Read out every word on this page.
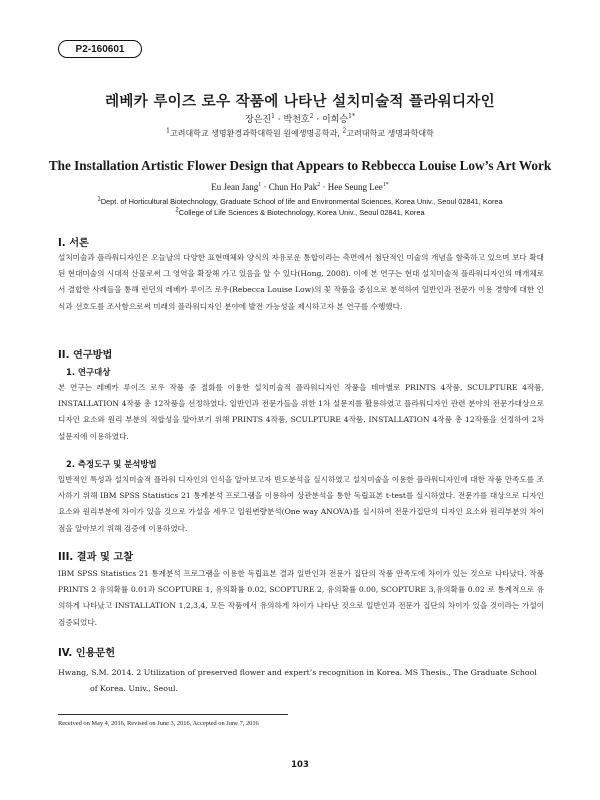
P2-160601
레베카 루이즈 로우 작품에 나타난 설치미술적 플라워디자인
장은진$^1$ · 박천호$^2$ · 이희승$^{1*}$
$^1$고려대학교 생명환경과학대학원 원예생명공학과, $^2$고려대학교 생명과학대학
The Installation Artistic Flower Design that Appears to Rebbecca Louise Low’s Art Work
Eu Jean Jang$^1$ · Chun Ho Pak$^2$ · Hee Seung Lee$^{1*}$
$^1$Dept. of Horticultural Biotechnology, Graduate School of life and Environmental Sciences, Korea Univ., Seoul 02841, Korea
$^2$College of Life Sciences & Biotechnology, Korea Univ., Seoul 02841, Korea
I. 서론

설치미술과 플라워디자인은 오늘날의 다양한 표현매체와 양식의 자유로운 통합이라는 측면에서 첨단적인 미술의 개념을 함축하고 있으며 보다 확대된 현대미술의 시대적 산물로써 그 영역을 확장해 가고 있음을 알 수 있다(Hong, 2008). 이에 본 연구는 현대 설치미술적 플라워디자인의 매개체로서 결합한 사례들을 통해 런던의 레베카 루이즈 로우(Rebecca Louise Low)의 꽃 작품을 중심으로 분석하여 일반인과 전문가 이용 경향에 대한 인식과 선호도를 조사함으로써 미래의 플라워디자인 분야에 발전 가능성을 제시하고자 본 연구를 수행했다.

II. 연구방법
1. 연구대상

본 연구는 레베카 루이즈 로우 작품 중 절화를 이용한 설치미술적 플라워디자인 작품을 테마별로 PRINTS 4작품, SCULPTURE 4작품, INSTALLATION 4작품 총 12작품을 선정하였다. 일반인과 전문가들을 위한 1차 설문지를 활용하였고 플라워디자인 관련 분야의 전문가대상으로 디자인 요소와 원리 부분의 적합성을 알아보기 위해 PRINTS 4작품, SCULPTURE 4작품, INSTALLATION 4작품 총 12작품을 선정하여 2차 설문지에 이용하였다.

2. 측정도구 및 분석방법

일반적인 특성과 설치미술적 플라워 디자인의 인식을 알아보고자 빈도분석을 실시하였고 설치미술을 이용한 플라워디자인에 대한 작품 만족도를 조사하기 위해 IBM SPSS Statistics 21 통계분석 프로그램을 이용하여 상관분석을 통한 독립표본 t-test를 실시하였다. 전문가를 대상으로 디자인 요소와 원리부분에 차이가 있을 것으로 가설을 세우고 일원변량분석(One way ANOVA)를 실시하여 전문가집단의 디자인 요소와 원리부분의 차이점을 알아보기 위해 검증에 이용하였다.

III. 결과 및 고찰

IBM SPSS Statistics 21 통계분석 프로그램을 이용한 독립표본 결과 일반인과 전문가 집단의 작품 만족도에 차이가 있는 것으로 나타났다. 작품 PRINTS 2 유의확률 0.01과 SCOPTURE 1, 유의확률 0.02, SCOPTURE 2, 유의확률 0.00, SCOPTURE 3,유의확률 0.02 로 통계적으로 유의하게 나타났고 INSTALLATION 1,2,3,4, 모든 작품에서 유의하게 차이가 나타난 것으로 일반인과 전문가 집단의 차이가 있을 것이라는 가설이 검증되었다.

IV. 인용문헌

Hwang, S.M. 2014. 2 Utilization of preserved flower and expert’s recognition in Korea. MS Thesis., The Graduate School of Korea. Univ., Seoul.

Received on May 4, 2016, Revised on June 3, 2016, Accepted on June 7, 2016
103
